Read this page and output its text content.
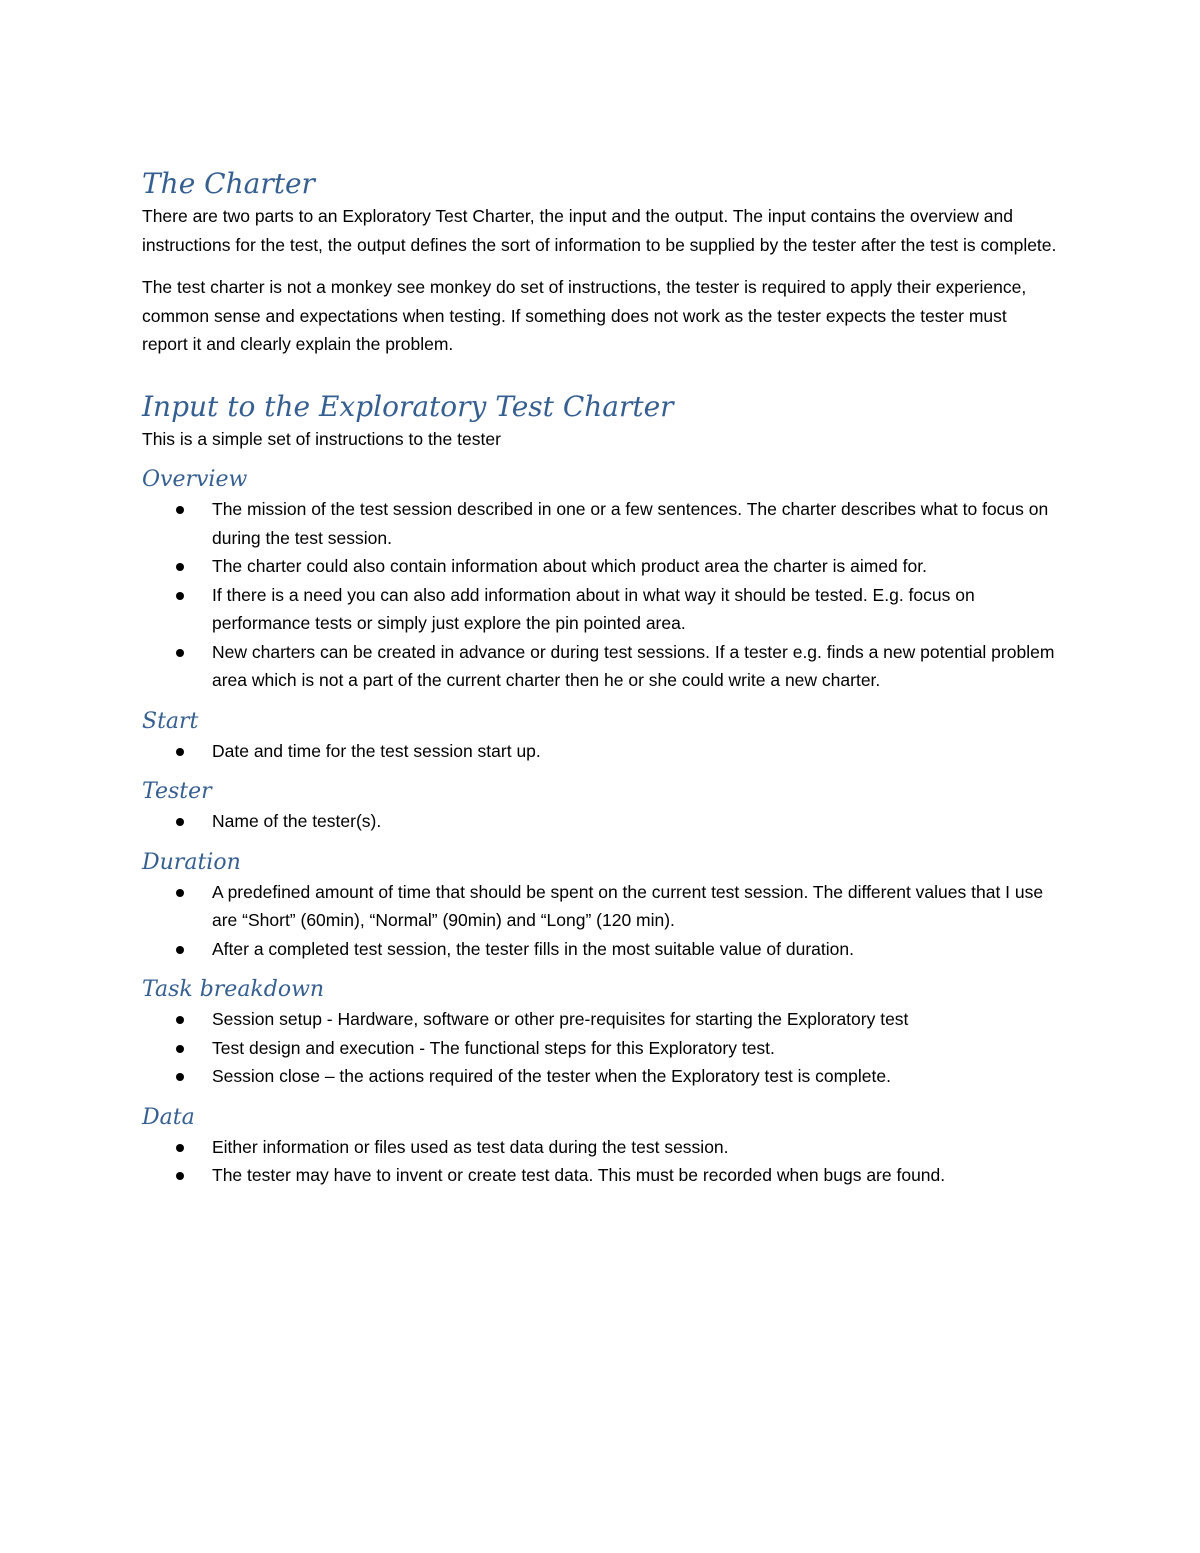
The Charter

There are two parts to an Exploratory Test Charter, the input and the output. The input contains the overview and instructions for the test, the output defines the sort of information to be supplied by the tester after the test is complete.

The test charter is not a monkey see monkey do set of instructions, the tester is required to apply their experience, common sense and expectations when testing. If something does not work as the tester expects the tester must report it and clearly explain the problem.

Input to the Exploratory Test Charter

This is a simple set of instructions to the tester

Overview
The mission of the test session described in one or a few sentences. The charter describes what to focus on during the test session.
The charter could also contain information about which product area the charter is aimed for.
If there is a need you can also add information about in what way it should be tested. E.g. focus on performance tests or simply just explore the pin pointed area.
New charters can be created in advance or during test sessions. If a tester e.g. finds a new potential problem area which is not a part of the current charter then he or she could write a new charter.
Start
Date and time for the test session start up.
Tester
Name of the tester(s).
Duration
A predefined amount of time that should be spent on the current test session. The different values that I use are “Short” (60min), “Normal” (90min) and “Long” (120 min).
After a completed test session, the tester fills in the most suitable value of duration.
Task breakdown
Session setup - Hardware, software or other pre-requisites for starting the Exploratory test
Test design and execution - The functional steps for this Exploratory test.
Session close – the actions required of the tester when the Exploratory test is complete.
Data
Either information or files used as test data during the test session.
The tester may have to invent or create test data. This must be recorded when bugs are found.
